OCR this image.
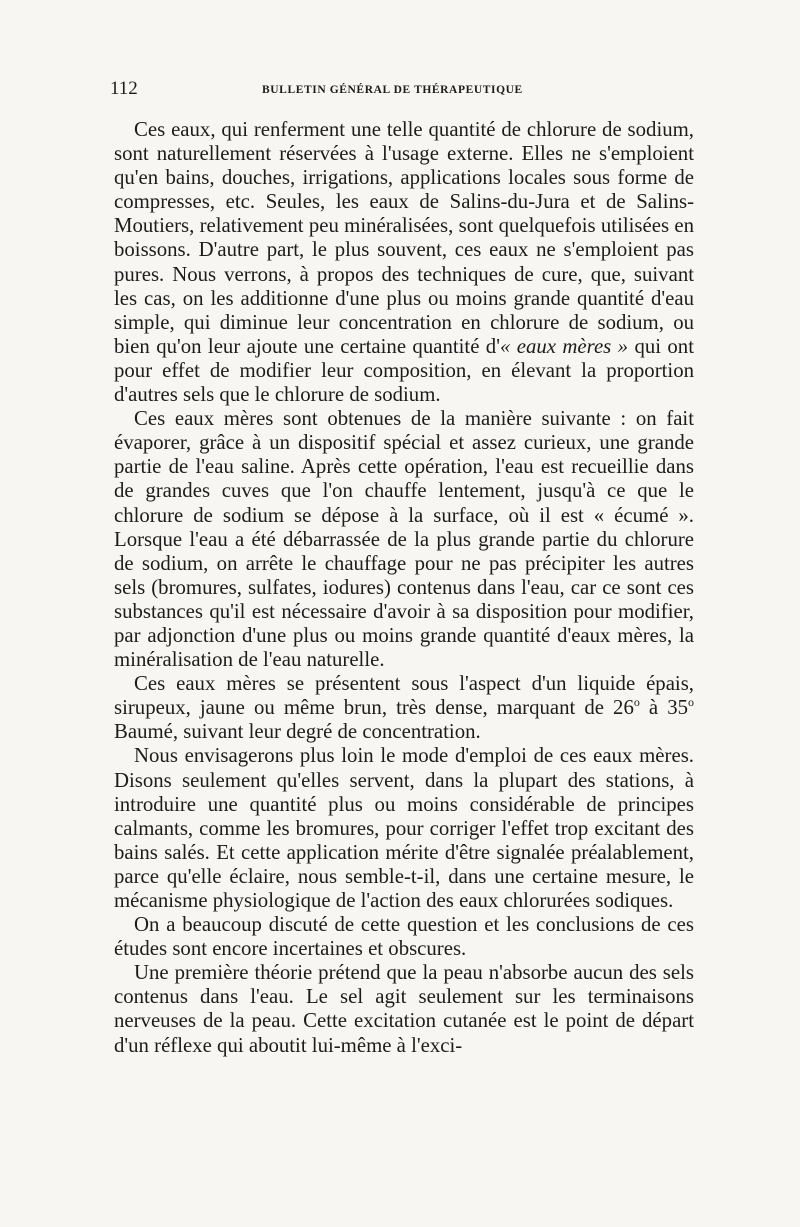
112	BULLETIN GÉNÉRAL DE THÉRAPEUTIQUE

Ces eaux, qui renferment une telle quantité de chlorure de sodium, sont naturellement réservées à l'usage externe. Elles ne s'emploient qu'en bains, douches, irrigations, applications locales sous forme de compresses, etc. Seules, les eaux de Salins-du-Jura et de Salins-Moutiers, relativement peu minéralisées, sont quelquefois utilisées en boissons. D'autre part, le plus souvent, ces eaux ne s'emploient pas pures. Nous verrons, à propos des techniques de cure, que, suivant les cas, on les additionne d'une plus ou moins grande quantité d'eau simple, qui diminue leur concentration en chlorure de sodium, ou bien qu'on leur ajoute une certaine quantité d'« eaux mères » qui ont pour effet de modifier leur composition, en élevant la proportion d'autres sels que le chlorure de sodium.

Ces eaux mères sont obtenues de la manière suivante : on fait évaporer, grâce à un dispositif spécial et assez curieux, une grande partie de l'eau saline. Après cette opération, l'eau est recueillie dans de grandes cuves que l'on chauffe lentement, jusqu'à ce que le chlorure de sodium se dépose à la surface, où il est « écumé ». Lorsque l'eau a été débarrassée de la plus grande partie du chlorure de sodium, on arrête le chauffage pour ne pas précipiter les autres sels (bromures, sulfates, iodures) contenus dans l'eau, car ce sont ces substances qu'il est nécessaire d'avoir à sa disposition pour modifier, par adjonction d'une plus ou moins grande quantité d'eaux mères, la minéralisation de l'eau naturelle.

Ces eaux mères se présentent sous l'aspect d'un liquide épais, sirupeux, jaune ou même brun, très dense, marquant de 26$^o$ à 35$^o$ Baumé, suivant leur degré de concentration.

Nous envisagerons plus loin le mode d'emploi de ces eaux mères. Disons seulement qu'elles servent, dans la plupart des stations, à introduire une quantité plus ou moins considérable de principes calmants, comme les bromures, pour corriger l'effet trop excitant des bains salés. Et cette application mérite d'être signalée préalablement, parce qu'elle éclaire, nous semble-t-il, dans une certaine mesure, le mécanisme physiologique de l'action des eaux chlorurées sodiques.

On a beaucoup discuté de cette question et les conclusions de ces études sont encore incertaines et obscures.

Une première théorie prétend que la peau n'absorbe aucun des sels contenus dans l'eau. Le sel agit seulement sur les terminaisons nerveuses de la peau. Cette excitation cutanée est le point de départ d'un réflexe qui aboutit lui-même à l'exci-
